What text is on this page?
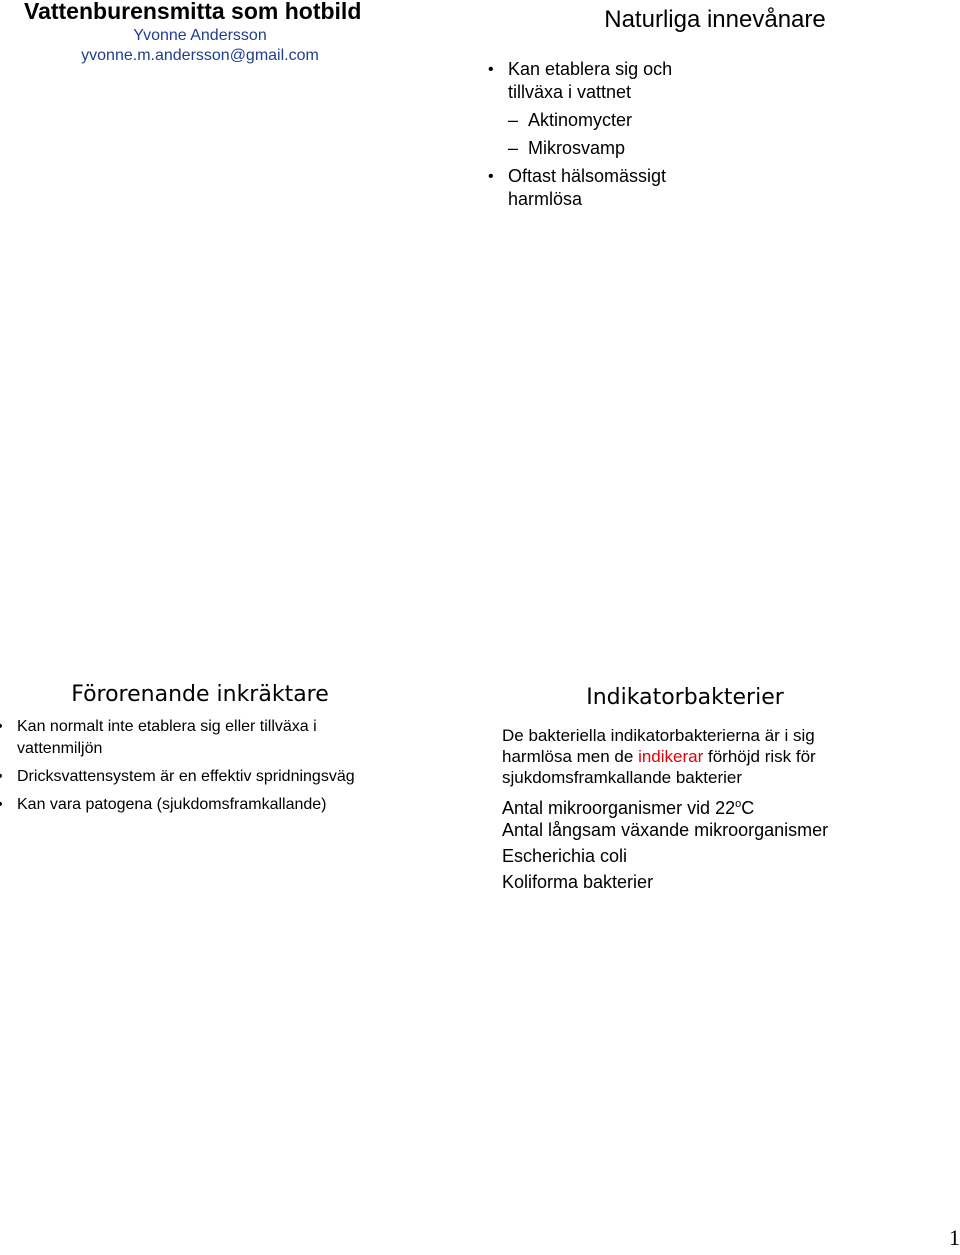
Vattenburensmitta som hotbild
Yvonne Andersson
yvonne.m.andersson@gmail.com
Naturliga innevånare
• Kan etablera sig och tillväxa i vattnet
– Aktinomycter
– Mikrosvamp
• Oftast hälsomässigt harmlösa
Förorenande inkräktare
• Kan normalt inte etablera sig eller tillväxa i vattenmiljön
• Dricksvattensystem är en effektiv spridningsväg
• Kan vara patogena (sjukdomsframkallande)
Indikatorbakterier
De bakteriella indikatorbakterierna är i sig harmlösa men de indikerar förhöjd risk för sjukdomsframkallande bakterier
Antal mikroorganismer vid 22$^o$C
Antal långsam växande mikroorganismer
Escherichia coli
Koliforma bakterier
1
